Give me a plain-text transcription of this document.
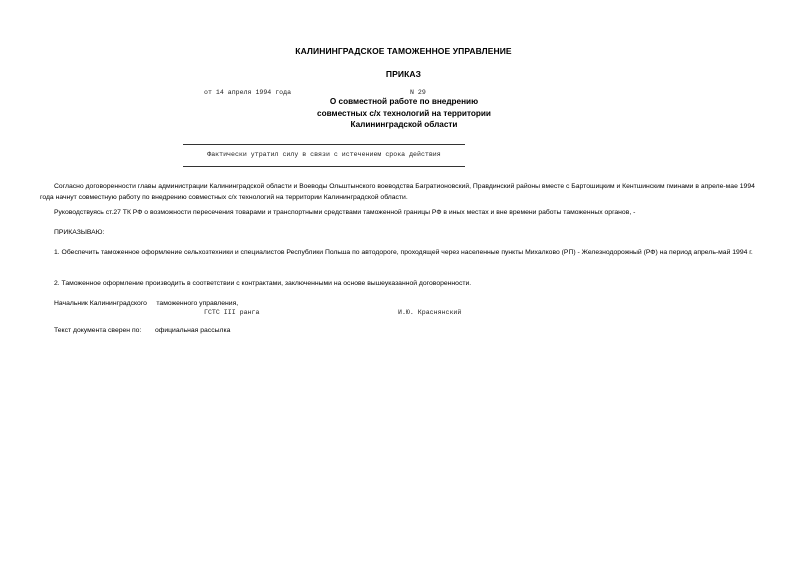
КАЛИНИНГРАДСКОЕ ТАМОЖЕННОЕ УПРАВЛЕНИЕ
ПРИКАЗ
от 14 апреля 1994 года	N 29
О совместной работе по внедрению
совместных с/х технологий на территории
Калининградской области
Фактически утратил силу в связи с истечением срока действия
Согласно договоренности главы администрации Калининградской области и Воеводы Ольштынского воеводства Багратионовский, Правдинский районы вместе с Бартошицким и Кентшинским гминами в апреле-мае 1994 года начнут совместную работу по внедрению совместных с/х технологий на территории Калининградской области.
Руководствуясь ст.27 ТК РФ о возможности пересечения товарами и транспортными средствами таможенной границы РФ в иных местах и вне времени работы таможенных органов, -
ПРИКАЗЫВАЮ:
1. Обеспечить таможенное оформление сельхозтехники и специалистов Республики Польша по автодороге, проходящей через населенные пункты Михалково (РП) - Железнодорожный (РФ) на период апрель-май 1994 г.
2. Таможенное оформление производить в соответствии с контрактами, заключенными на основе вышеуказанной договоренности.
Начальник Калининградского     таможенного управления,
ГСТС III ранга	И.Ю. Краснянский
Текст документа сверен по: официальная рассылка
